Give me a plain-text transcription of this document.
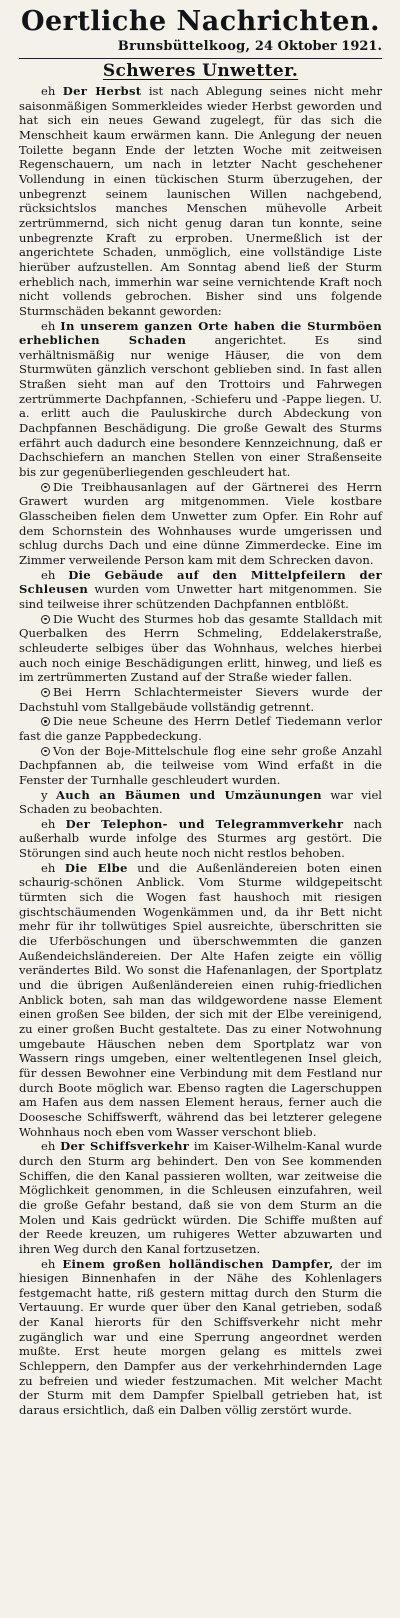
Oertliche Nachrichten.
Brunsbüttelkoog, 24 Oktober 1921.
Schweres Unwetter.

eh Der Herbst ist nach Ablegung seines nicht mehr saisonmäßigen Sommerkleides wieder Herbst geworden und hat sich ein neues Gewand zugelegt, für das sich die Menschheit kaum erwärmen kann. Die Anlegung der neuen Toilette begann Ende der letzten Woche mit zeitweisen Regenschauern, um nach in letzter Nacht geschehener Vollendung in einen tückischen Sturm überzugehen, der unbegrenzt seinem launischen Willen nachgebend, rücksichtslos manches Menschen mühevolle Arbeit zertrümmernd, sich nicht genug daran tun konnte, seine unbegrenzte Kraft zu erproben. Unermeßlich ist der angerichtete Schaden, unmöglich, eine vollständige Liste hierüber aufzustellen. Am Sonntag abend ließ der Sturm erheblich nach, immerhin war seine vernichtende Kraft noch nicht vollends gebrochen. Bisher sind uns folgende Sturmschäden bekannt geworden:

eh In unserem ganzen Orte haben die Sturmböen erheblichen Schaden angerichtet. Es sind verhältnismäßig nur wenige Häuser, die von dem Sturmwüten gänzlich verschont geblieben sind. In fast allen Straßen sieht man auf den Trottoirs und Fahrwegen zertrümmerte Dachpfannen, -Schieferu und -Pappe liegen. U. a. erlitt auch die Pauluskirche durch Abdeckung von Dachpfannen Beschädigung. Die große Gewalt des Sturms erfährt auch dadurch eine besondere Kennzeichnung, daß er Dachschiefern an manchen Stellen von einer Straßenseite bis zur gegenüberliegenden geschleudert hat.

Die Treibhausanlagen auf der Gärtnerei des Herrn Grawert wurden arg mitgenommen. Viele kostbare Glasscheiben fielen dem Unwetter zum Opfer. Ein Rohr auf dem Schornstein des Wohnhauses wurde umgerissen und schlug durchs Dach und eine dünne Zimmerdecke. Eine im Zimmer verweilende Person kam mit dem Schrecken davon.

eh Die Gebäude auf den Mittelpfeilern der Schleusen wurden vom Unwetter hart mitgenommen. Sie sind teilweise ihrer schützenden Dachpfannen entblößt.

Die Wucht des Sturmes hob das gesamte Stalldach mit Querbalken des Herrn Schmeling, Eddelakerstraße, schleuderte selbiges über das Wohnhaus, welches hierbei auch noch einige Beschädigungen erlitt, hinweg, und ließ es im zertrümmerten Zustand auf der Straße wieder fallen.

Bei Herrn Schlachtermeister Sievers wurde der Dachstuhl vom Stallgebäude vollständig getrennt.

Die neue Scheune des Herrn Detlef Tiedemann verlor fast die ganze Pappbedeckung.

Von der Boje-Mittelschule flog eine sehr große Anzahl Dachpfannen ab, die teilweise vom Wind erfaßt in die Fenster der Turnhalle geschleudert wurden.

y Auch an Bäumen und Umzäunungen war viel Schaden zu beobachten.

eh Der Telephon- und Telegrammverkehr nach außerhalb wurde infolge des Sturmes arg gestört. Die Störungen sind auch heute noch nicht restlos behoben.

eh Die Elbe und die Außenländereien boten einen schaurig-schönen Anblick. Vom Sturme wildgepeitscht türmten sich die Wogen fast haushoch mit riesigen gischtschäumenden Wogenkämmen und, da ihr Bett nicht mehr für ihr tollwütiges Spiel ausreichte, überschritten sie die Uferböschungen und überschwemmten die ganzen Außendeichsländereien. Der Alte Hafen zeigte ein völlig verändertes Bild. Wo sonst die Hafenanlagen, der Sportplatz und die übrigen Außenländereien einen ruhig-friedlichen Anblick boten, sah man das wildgewordene nasse Element einen großen See bilden, der sich mit der Elbe vereinigend, zu einer großen Bucht gestaltete. Das zu einer Notwohnung umgebaute Häuschen neben dem Sportplatz war von Wassern rings umgeben, einer weltentlegenen Insel gleich, für dessen Bewohner eine Verbindung mit dem Festland nur durch Boote möglich war. Ebenso ragten die Lagerschuppen am Hafen aus dem nassen Element heraus, ferner auch die Doosesche Schiffswerft, während das bei letzterer gelegene Wohnhaus noch eben vom Wasser verschont blieb.

eh Der Schiffsverkehr im Kaiser-Wilhelm-Kanal wurde durch den Sturm arg behindert. Den von See kommenden Schiffen, die den Kanal passieren wollten, war zeitweise die Möglichkeit genommen, in die Schleusen einzufahren, weil die große Gefahr bestand, daß sie von dem Sturm an die Molen und Kais gedrückt würden. Die Schiffe mußten auf der Reede kreuzen, um ruhigeres Wetter abzuwarten und ihren Weg durch den Kanal fortzusetzen.

eh Einem großen holländischen Dampfer, der im hiesigen Binnenhafen in der Nähe des Kohlenlagers festgemacht hatte, riß gestern mittag durch den Sturm die Vertauung. Er wurde quer über den Kanal getrieben, sodaß der Kanal hierorts für den Schiffsverkehr nicht mehr zugänglich war und eine Sperrung angeordnet werden mußte. Erst heute morgen gelang es mittels zwei Schleppern, den Dampfer aus der verkehrhindernden Lage zu befreien und wieder festzumachen. Mit welcher Macht der Sturm mit dem Dampfer Spielball getrieben hat, ist daraus ersichtlich, daß ein Dalben völlig zerstört wurde.
